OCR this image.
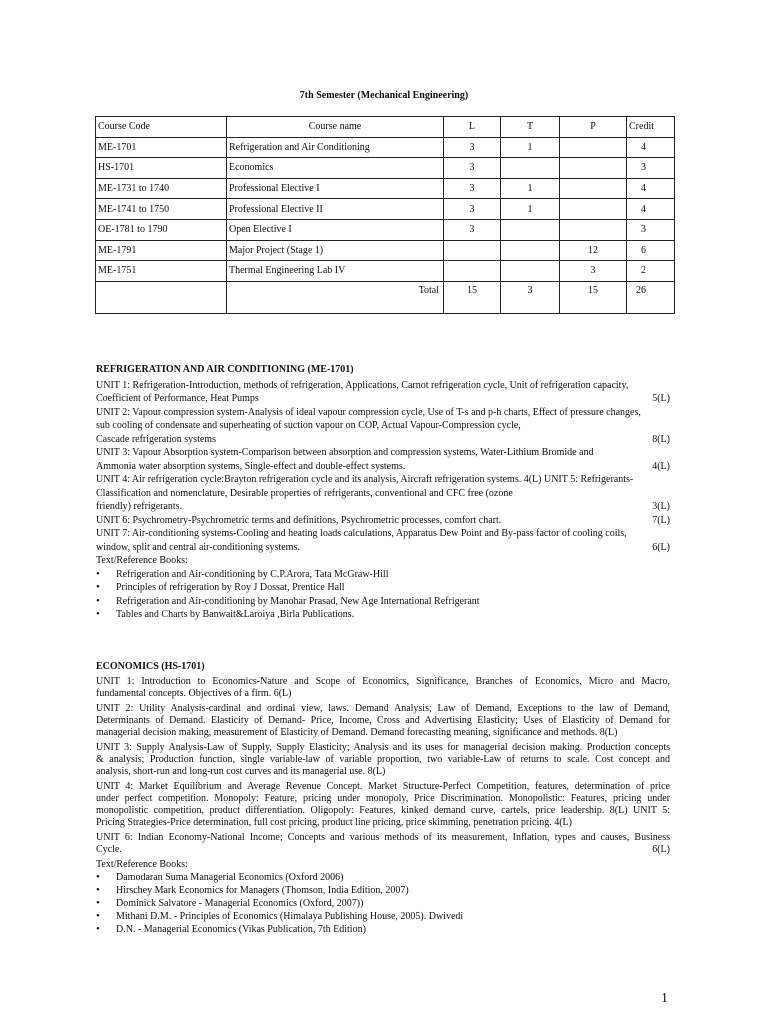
7th Semester (Mechanical Engineering)
Course Code	Course name	L	T	P	Credit
ME-1701	Refrigeration and Air Conditioning	3	1		4
HS-1701	Economics	3			3
ME-1731 to 1740	Professional Elective I	3	1		4
ME-1741 to 1750	Professional Elective II	3	1		4
OE-1781 to 1790	Open Elective I	3			3
ME-1791	Major Project (Stage 1)			12	6
ME-1751	Thermal Engineering Lab IV			3	2
	Total	15	3	15	26
REFRIGERATION AND AIR CONDITIONING (ME-1701)
UNIT 1: Refrigeration-Introduction, methods of refrigeration, Applications, Carnot refrigeration cycle, Unit of refrigeration capacity,
Coefficient of Performance, Heat Pumps	5(L)
UNIT 2: Vapour compression system-Analysis of ideal vapour compression cycle, Use of T-s and p-h charts, Effect of pressure changes,
sub cooling of condensate and superheating of suction vapour on COP, Actual Vapour-Compression cycle,
Cascade refrigeration systems	8(L)
UNIT 3: Vapour Absorption system-Comparison between absorption and compression systems, Water-Lithium Bromide and
Ammonia water absorption systems, Single-effect and double-effect systems.	4(L)
UNIT 4: Air refrigeration cycle:Brayton refrigeration cycle and its analysis, Aircraft refrigeration systems. 4(L) UNIT 5: Refrigerants-
Classification and nomenclature, Desirable properties of refrigerants, conventional and CFC free (ozone
friendly) refrigerants.	3(L)
UNIT 6: Psychrometry-Psychrometric terms and definitions, Psychrometric processes, comfort chart.	7(L)
UNIT 7: Air-conditioning systems-Cooling and heating loads calculations, Apparatus Dew Point and By-pass factor of cooling coils,
window, split and central air-conditioning systems.	6(L)
Text/Reference Books:
•	Refrigeration and Air-conditioning by C.P.Arora, Tata McGraw-Hill
•	Principles of refrigeration by Roy J Dossat, Prentice Hall
•	Refrigeration and Air-conditioning by Manohar Prasad, New Age International Refrigerant
•	Tables and Charts by Banwait&Laroiya ,Birla Publications.
ECONOMICS (HS-1701)
UNIT 1: Introduction to Economics-Nature and Scope of Economics, Significance, Branches of Economics, Micro and Macro,
fundamental concepts. Objectives of a firm. 6(L)
UNIT 2: Utility Analysis-cardinal and ordinal view, laws. Demand Analysis; Law of Demand, Exceptions to the law of Demand,
Determinants of Demand. Elasticity of Demand- Price, Income, Cross and Advertising Elasticity; Uses of Elasticity of Demand for
managerial decision making, measurement of Elasticity of Demand. Demand forecasting meaning, significance and methods. 8(L)
UNIT 3: Supply Analysis-Law of Supply, Supply Elasticity; Analysis and its uses for managerial decision making. Production concepts
& analysis; Production function, single variable-law of variable proportion, two variable-Law of returns to scale. Cost concept and
analysis, short-run and long-run cost curves and its managerial use. 8(L)
UNIT 4: Market Equilibrium and Average Revenue Concept. Market Structure-Perfect Competition, features, determination of price
under perfect competition. Monopoly: Feature, pricing under monopoly, Price Discrimination. Monopolistic: Features, pricing under
monopolistic competition, product differentiation. Oligopoly: Features, kinked demand curve, cartels, price leadership. 8(L) UNIT 5:
Pricing Strategies-Price determination, full cost pricing, product line pricing, price skimming, penetration pricing. 4(L)
UNIT 6: Indian Economy-National Income; Concepts and various methods of its measurement, Inflation, types and causes, Business
Cycle.	6(L)
Text/Reference Books:
•	Damodaran Suma Managerial Economics (Oxford 2006)
•	Hirschey Mark Economics for Managers (Thomson, India Edition, 2007)
•	Dominick Salvatore - Managerial Economics (Oxford, 2007))
•	Mithani D.M. - Principles of Economics (Himalaya Publishing House, 2005). Dwivedi
•	D.N. - Managerial Economics (Vikas Publication, 7th Edition)
1
